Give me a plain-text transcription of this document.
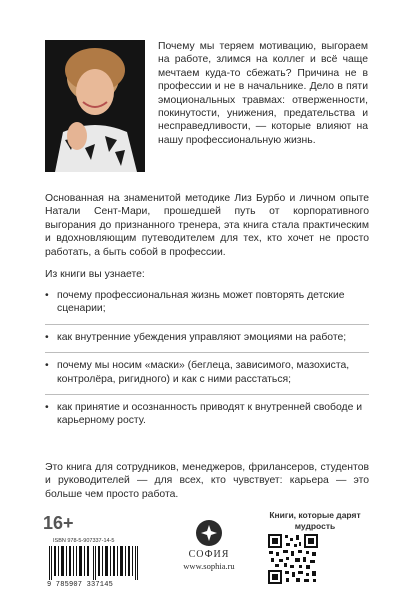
Почему мы теряем мотивацию, выгораем на работе, злимся на коллег и всё чаще мечтаем куда-то сбежать? Причина не в профессии и не в начальнике. Дело в пяти эмоциональных травмах: отверженности, покинутости, унижения, предательства и несправедливости, — которые влияют на нашу профессиональную жизнь.

Основанная на знаменитой методике Лиз Бурбо и личном опыте Натали Сент-Мари, прошедшей путь от корпоративного выгорания до признанного тренера, эта книга стала практическим и вдохновляющим путеводителем для тех, кто хочет не просто работать, а быть собой в профессии.

Из книги вы узнаете:

• почему профессиональная жизнь может повторять детские сценарии;
• как внутренние убеждения управляют эмоциями на работе;
• почему мы носим «маски» (беглеца, зависимого, мазохиста, контролёра, ригидного) и как с ними расстаться;
• как принятие и осознанность приводят к внутренней свободе и карьерному росту.

Это книга для сотрудников, менеджеров, фрилансеров, студентов и руководителей — для всех, кто чувствует: карьера — это больше чем просто работа.

16+
ISBN 978-5-907337-14-5
9 785907 337145
СОФИЯ
www.sophia.ru
Книги, которые дарят мудрость
